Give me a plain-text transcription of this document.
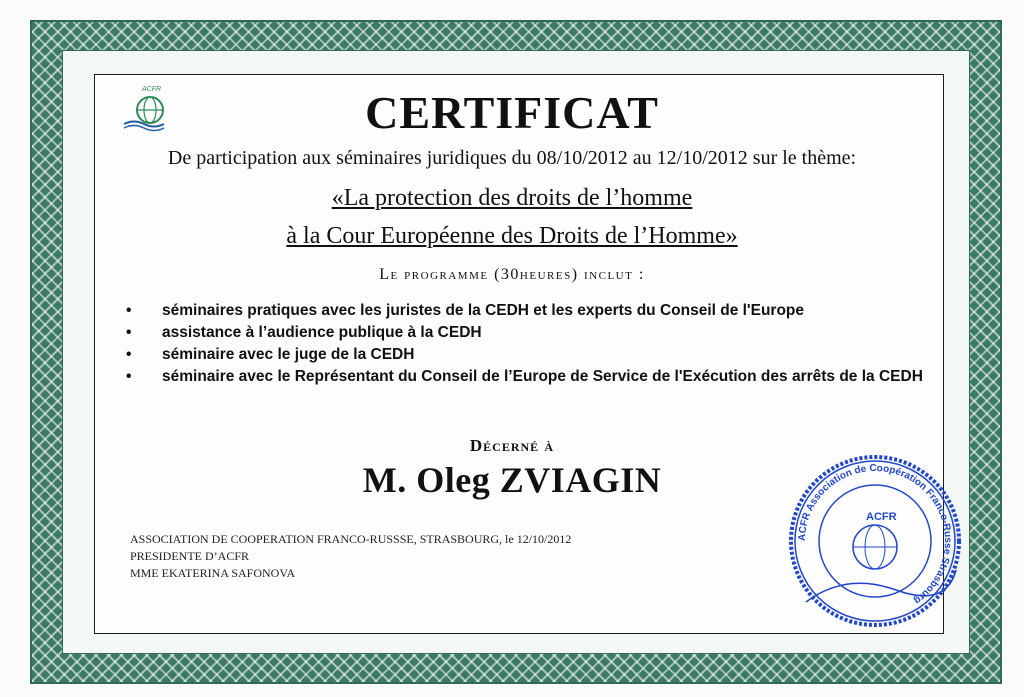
ACFR	CERTIFICAT
De participation aux séminaires juridiques du 08/10/2012 au 12/10/2012 sur le thème:
«La protection des droits de l’homme
à la Cour Européenne des Droits de l’Homme»
Le programme (30heures) inclut :
• séminaires pratiques avec les juristes de la CEDH et les experts du Conseil de l'Europe
• assistance à l’audience publique à la CEDH
• séminaire avec le juge de la CEDH
• séminaire avec le Représentant du Conseil de l’Europe de Service de l'Exécution des arrêts de la CEDH
Décerné à
M. Oleg ZVIAGIN
ASSOCIATION DE COOPERATION FRANCO-RUSSSE, STRASBOURG, le 12/10/2012
PRESIDENTE D’ACFR
MME EKATERINA SAFONOVA
ACFR Association de Coopération Franco-Russe Strasbourg
ACFR
